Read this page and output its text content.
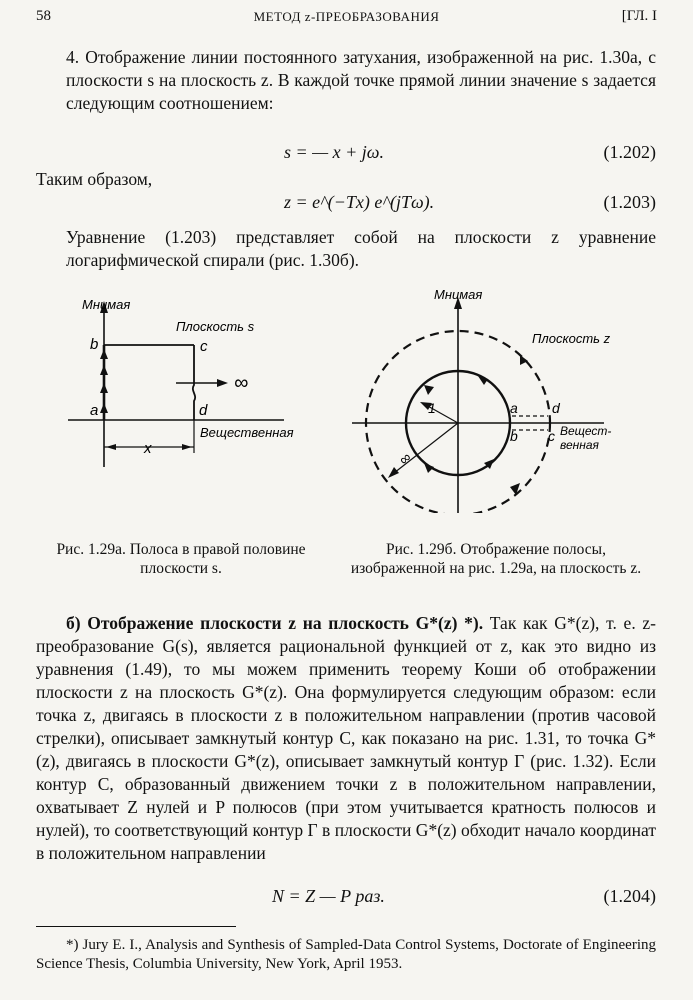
58	МЕТОД z-ПРЕОБРАЗОВАНИЯ	[ГЛ. I
4. Отображение линии постоянного затухания, изображенной на рис. 1.30а, с плоскости s на плоскость z. В каждой точке прямой линии значение s задается следующим соотношением:
s = — x + jω.	(1.202)
Таким образом,
z = e^(−Tx) e^(jTω).	(1.203)
Уравнение (1.203) представляет собой на плоскости z уравнение логарифмической спирали (рис. 1.30б).
Мнимая
Плоскость s
b	c
a	d
∞
Вещественная
x
Мнимая
Плоскость z
1
∞
a d
b c Вещест-
венная
Рис. 1.29а. Полоса в правой половине плоскости s.
Рис. 1.29б. Отображение полосы, изображенной на рис. 1.29а, на плоскость z.
б) Отображение плоскости z на плоскость G*(z) *). Так как G*(z), т. е. z-преобразование G(s), является рациональной функцией от z, как это видно из уравнения (1.49), то мы можем применить теорему Коши об отображении плоскости z на плоскость G*(z). Она формулируется следующим образом: если точка z, двигаясь в плоскости z в положительном направлении (против часовой стрелки), описывает замкнутый контур C, как показано на рис. 1.31, то точка G*(z), двигаясь в плоскости G*(z), описывает замкнутый контур Г (рис. 1.32). Если контур C, образованный движением точки z в положительном направлении, охватывает Z нулей и P полюсов (при этом учитывается кратность полюсов и нулей), то соответствующий контур Г в плоскости G*(z) обходит начало координат в положительном направлении
N = Z — P раз.	(1.204)
*) Jury E. I., Analysis and Synthesis of Sampled-Data Control Systems, Doctorate of Engineering Science Thesis, Columbia University, New York, April 1953.
